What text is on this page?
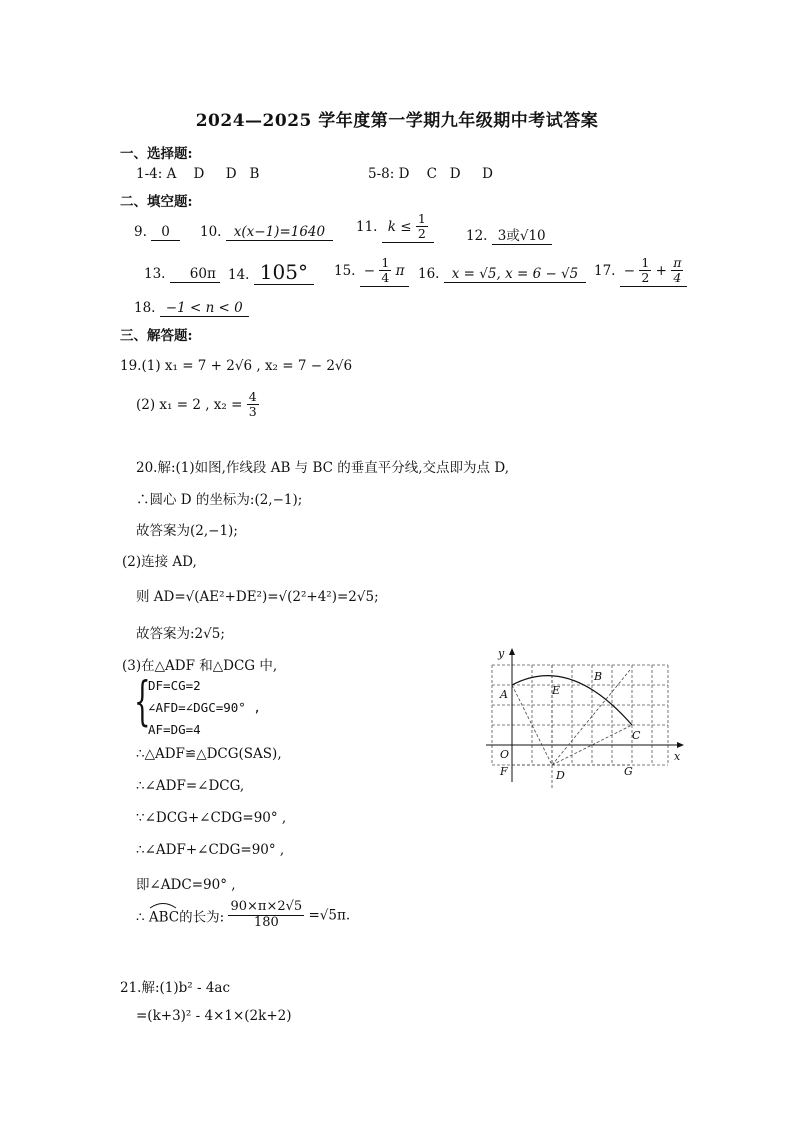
2024—2025 学年度第一学期九年级期中考试答案
一、选择题:
1-4: A    D     D   B	5-8: D    C   D     D
二、填空题:
9. 0	10. x(x−1)=1640	11. $k \le \frac{1}{2}$	12. 3或√10
13. 60π 14. 105°	15. − $\frac{1}{4}$ π 16. x = √5, x = 6 − √5	17. − $\frac{1}{2} + \frac{\pi}{4}$
18. −1 < n < 0
三、解答题:
19.(1) x₁ = 7 + 2√6 , x₂ = 7 − 2√6
(2) x₁ = 2 , $x_2 = \frac{4}{3}$
20.解:(1)如图,作线段 AB 与 BC 的垂直平分线,交点即为点 D,
∴圆心 D 的坐标为:(2,−1);
故答案为(2,−1);
(2)连接 AD,
则 AD=√(AE²+DE²)=√(2²+4²)=2√5;
故答案为:2√5;
(3)在△ADF 和△DCG 中,
{
DF=CG=2
∠AFD=∠DGC=90° ,
AF=DG=4
∴△ADF≌△DCG(SAS),
∴∠ADF=∠DCG,
∵∠DCG+∠CDG=90° ,
∴∠ADF+∠CDG=90° ,
即∠ADC=90° ,
∴ ABC的长为: $\frac{90\times\pi\times 2√5}{180} =√5\pi$.
21.解:(1)b² - 4ac
=(k+3)² - 4×1×(2k+2)
y
x
O
A
B
C
D
E
F	G
